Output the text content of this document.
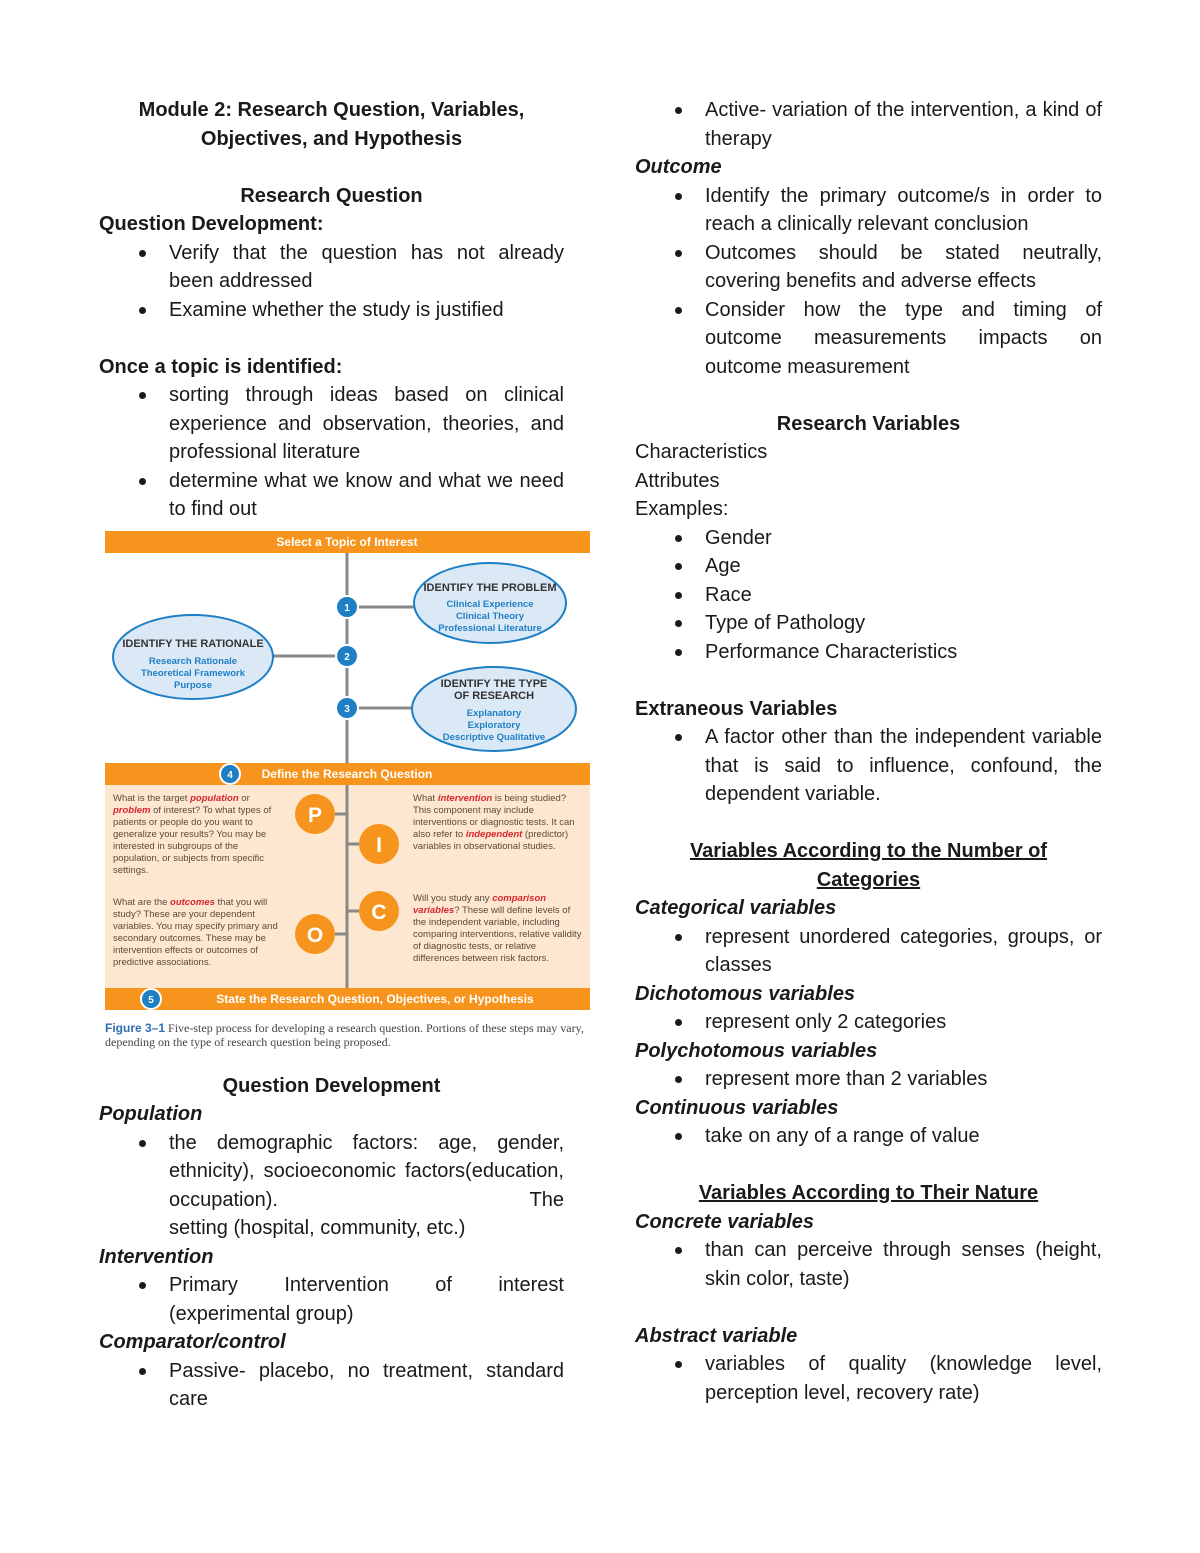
Module 2: Research Question, Variables,
Objectives, and Hypothesis
Research Question
Question Development:
Verify that the question has not already been addressed
Examine whether the study is justified
Once a topic is identified:
sorting through ideas based on clinical experience and observation, theories, and professional literature
determine what we know and what we need to find out
Select a Topic of Interest
IDENTIFY THE PROBLEM
Clinical Experience
Clinical Theory
Professional Literature
IDENTIFY THE RATIONALE
Research Rationale
Theoretical Framework
Purpose	IDENTIFY THE TYPE
OF RESEARCH
Explanatory
Exploratory
Descriptive Qualitative
1
2
3
Define the Research Question
4
P
I
C
O
State the Research Question, Objectives, or Hypothesis
5
What is the target population or problem of interest? To what types of patients or people do you want to generalize your results? You may be interested in subgroups of the population, or subjects from specific settings.
What intervention is being studied? This component may include interventions or diagnostic tests. It can also refer to independent (predictor) variables in observational studies.
What are the outcomes that you will study? These are your dependent variables. You may specify primary and secondary outcomes. These may be intervention effects or outcomes of predictive associations.
Will you study any comparison variables? These will define levels of the independent variable, including comparing interventions, relative validity of diagnostic tests, or relative differences between risk factors.
Figure 3–1 Five-step process for developing a research question. Portions of these steps may vary, depending on the type of research question being proposed.
Question Development
Population
the demographic factors: age, gender, ethnicity), socioeconomic factors(education, occupation). The
setting (hospital, community, etc.)
Intervention
Primary Intervention of interest (experimental group)
Comparator/control
Passive- placebo, no treatment, standard care
Active- variation of the intervention, a kind of therapy
Outcome
Identify the primary outcome/s in order to reach a clinically relevant conclusion
Outcomes should be stated neutrally, covering benefits and adverse effects
Consider how the type and timing of outcome measurements impacts on outcome measurement
Research Variables
Characteristics
Attributes
Examples:
Gender
Age
Race
Type of Pathology
Performance Characteristics
Extraneous Variables
A factor other than the independent variable that is said to influence, confound, the dependent variable.
Variables According to the Number of
Categories
Categorical variables
represent unordered categories, groups, or classes
Dichotomous variables
represent only 2 categories
Polychotomous variables
represent more than 2 variables
Continuous variables
take on any of a range of value
Variables According to Their Nature
Concrete variables
than can perceive through senses (height, skin color, taste)
Abstract variable
variables of quality (knowledge level, perception level, recovery rate)
